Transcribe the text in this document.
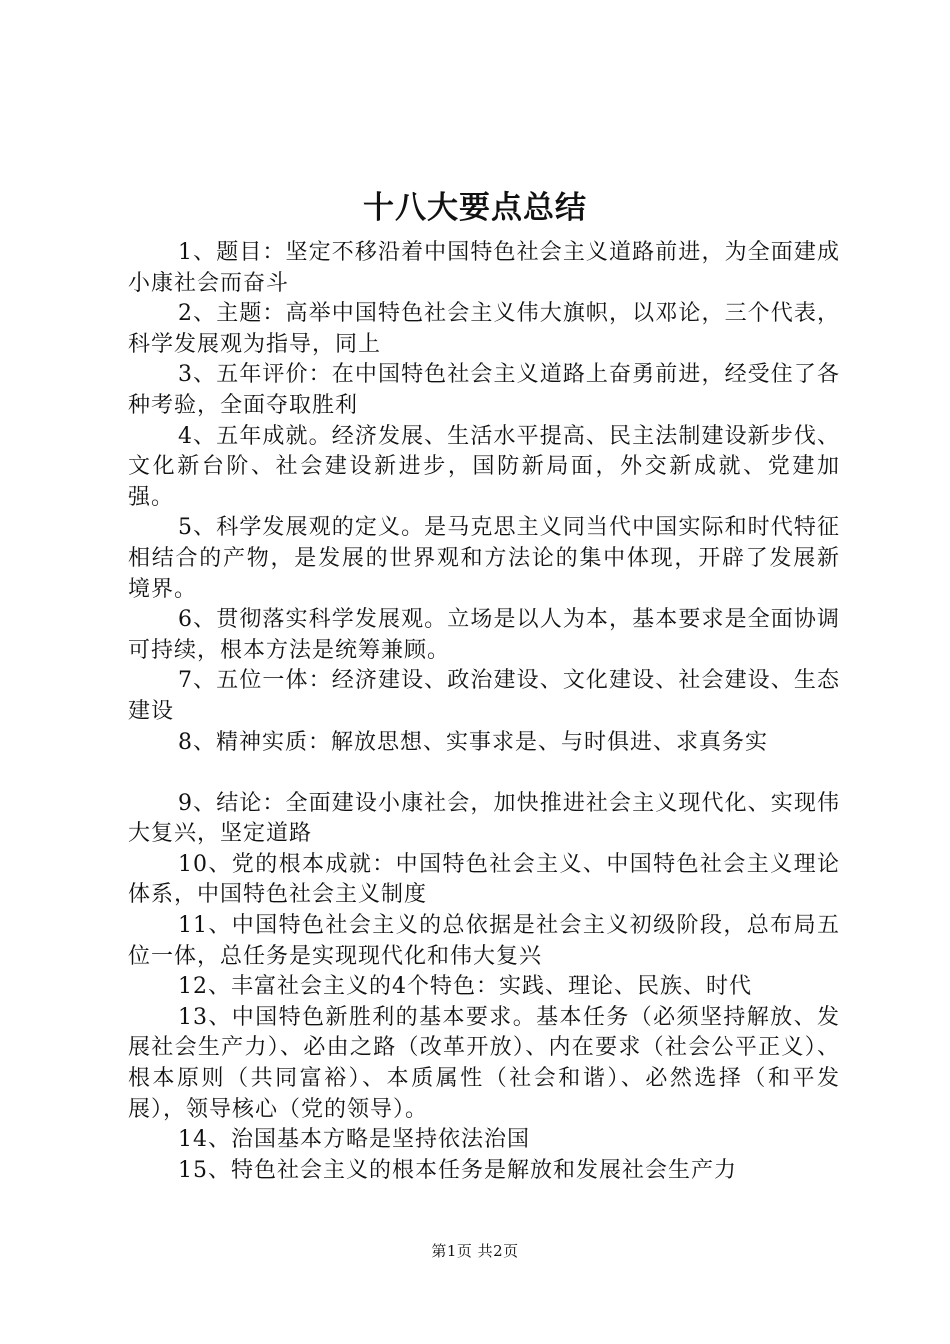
十八大要点总结

1、题目：坚定不移沿着中国特色社会主义道路前进，为全面建成小康社会而奋斗

2、主题：高举中国特色社会主义伟大旗帜，以邓论，三个代表，科学发展观为指导，同上

3、五年评价：在中国特色社会主义道路上奋勇前进，经受住了各种考验，全面夺取胜利

4、五年成就。经济发展、生活水平提高、民主法制建设新步伐、文化新台阶、社会建设新进步，国防新局面，外交新成就、党建加强。

5、科学发展观的定义。是马克思主义同当代中国实际和时代特征相结合的产物，是发展的世界观和方法论的集中体现，开辟了发展新境界。

6、贯彻落实科学发展观。立场是以人为本，基本要求是全面协调可持续，根本方法是统筹兼顾。

7、五位一体：经济建设、政治建设、文化建设、社会建设、生态建设

8、精神实质：解放思想、实事求是、与时俱进、求真务实

9、结论：全面建设小康社会，加快推进社会主义现代化、实现伟大复兴，坚定道路

10、党的根本成就：中国特色社会主义、中国特色社会主义理论体系，中国特色社会主义制度

11、中国特色社会主义的总依据是社会主义初级阶段，总布局五位一体，总任务是实现现代化和伟大复兴

12、丰富社会主义的4个特色：实践、理论、民族、时代

13、中国特色新胜利的基本要求。基本任务（必须坚持解放、发展社会生产力）、必由之路（改革开放）、内在要求（社会公平正义）、根本原则（共同富裕）、本质属性（社会和谐）、必然选择（和平发展），领导核心（党的领导）。

14、治国基本方略是坚持依法治国

15、特色社会主义的根本任务是解放和发展社会生产力

第1页 共2页
